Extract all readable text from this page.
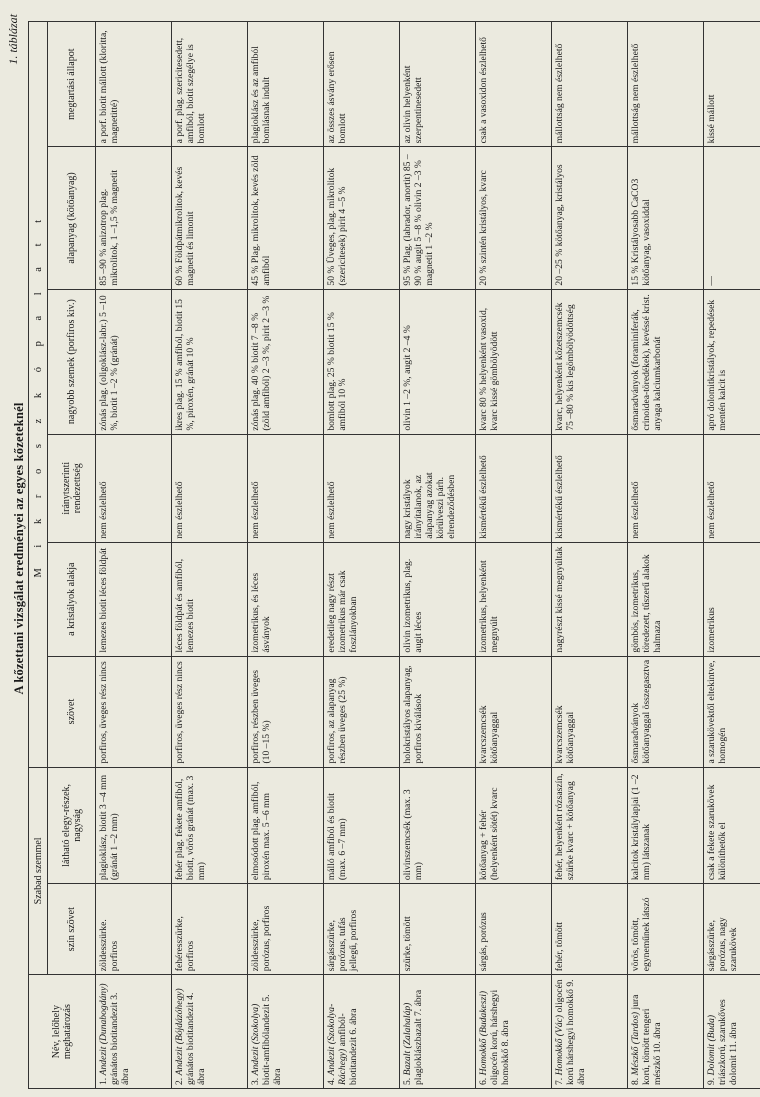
1. táblázat
A kőzettani vizsgálat eredményei az egyes kőzeteknél
Név, lelőhely meghatározás	Szabad szemmel		M i k r o s z k ó p a l a t t					
	szín szövet	látható elegy-részek, nagyság	szövet	a kristályok alakja	iránytszerinti rendezettség	nagyobb szemek (porfiros kiv.)	alapanyag (kötőanyag)	megtartási állapot
1. Andezit (Dunabogdány) gránátos biotitandezit 3. ábra	zöldesszürke. porfiros	plagioklász, biotit 3 –4 mm (gránát 1 –2 mm)	porfiros, üveges rész nincs	lemezes biotit léces földpát	nem észlelhető	zónás plag. (oligoklász-labr.) 5 –10 %, biotit 1 –2 % (gránát)	85 –90 % anizotrop plag. mikrolitok, 1 –1,5 % magnetit	a porf. biotit mállott (kloritta, magnetitté)
2. Andezit (Bójdázóhegy) gránátos biotitandezit 4. ábra	fehéresszürke, porfiros	fehér plag. fekete amfiból, biotit, vörös gránát (max. 3 mm)	porfiros, üveges rész nincs	léces földpát és amfiból, lemezes biotit	nem észlelhető	ikres plag. 15 % amfiból, biotit 15 %, piroxén, gránát 10 %	60 % Földpátmikrolitok, kevés magnetit és limonit	a porf. plag. szericitesedett, amfiból, biotit szegélye is bomlott
3. Andezit (Szokolya) biotit-amfibólandezit 5. ábra	zöldesszürke, porózus, porfiros	elmosódott plag. amfiból, piroxén max. 5 –6 mm	porfiros, részben üveges (10 –15 %)	izometrikus, és léces ásványok	nem észlelhető	zónás plag. 40 % biotit 7 –8 % (zöld amfiból) 2 –3 %, pirit 2 –3 %	45 % Plag. mikrolitok, kevés zöld amfiból	plagioklász és az amfiból bomlásnak indult
4. Andezit (Szokolya-Ráchegy) amfiból-biotitandezit 6. ábra	sárgásszürke, porózus, tufás jellegű, porfiros	málló amfiból és biotit (max. 6 –7 mm)	porfiros, az alapanyag részben üveges (25 %)	eredetileg nagy részt izometrikus már csak foszlányokban	nem észlelhető	bomlott plag. 25 % biotit 15 % amfiból 10 %	50 % Üveges, plag. mikrolitok (szericitesek) pirit 4 –5 %	az összes ásvány erősen bomlott
5. Bazalt (Zalahaláp) plagioklászbazalt 7. ábra	szürke, tömött	olivinszemcsék (max. 3 mm)	holokristályos alapanyag, porfiros kiválások	olivin izometrikus, plag. augit léces	nagy kristályok irányítalanok, az alapanyag azokat körülveszi párh. elrendeződésben	olivin 1 –2 %, augit 2 –4 %	95 % Plag. (labrador, anortit) 85 –90 % augit 5 –8 % olivin 2 –3 % magnetit 1 –2 %	az olivin helyenként szerpentinesedett
6. Homokkő (Budakeszi) oligocén korú, hárshegyi homokkő 8. ábra	sárgás, porózus	kötőanyag + fehér (helyenként sötét) kvarc	kvarcszemcsék kötőanyaggal	izometrikus, helyenként megnyúlt	kismértékű észlelhető	kvarc 80 % helyenként vasoxid, kvarc kissé gömbölyödött	20 % szintén kristályos, kvarc	csak a vasoxidon észlelhető
7. Homokkő (Vác) oligocén korú hárshegyi homokkő 9. ábra	fehér, tömött	fehér, helyenként rózsaszín, szürke kvarc + kötőanyag	kvarcszemcsék kötőanyaggal	nagyrészt kissé megnyúltak	kismértékű észlelhető	kvarc, helyenként kőzetszemcsék 75 –80 % kis legömbölyödöttség	20 –25 % kötőanyag, kristályos	mállottság nem észlelhető
8. Mészkő (Tardos) jura korú, tömött tengeri mészkő 10. ábra	vörös, tömött, egyneműnek látszó	kalcitok kristálylapjai (1 –2 mm) látszanak	ősmaradványok kötőanyaggal összegasztva	gömbös, izometrikus, töredezett, tűszerű alakok halmaza	nem észlelhető	ősmaradványok (foraminiferák, crinoidea-töredékek), kevéssé krist. anyaga kalciumkarbonát	15 % Kristályosabb CaCO3 kötőanyag, vasoxiddal	mállottság nem észlelhető
9. Dolomit (Buda) triászkorú, szarukőves dolomit 11. ábra	sárgásszürke, porózus, nagy szarukövek	csak a fekete szarukövek különíthetők el	a szarukövektől eltekintve, homogén	izometrikus	nem észlelhető	apró dolomitkristályok, repedések mentén kalcit is	—	kissé mállott
